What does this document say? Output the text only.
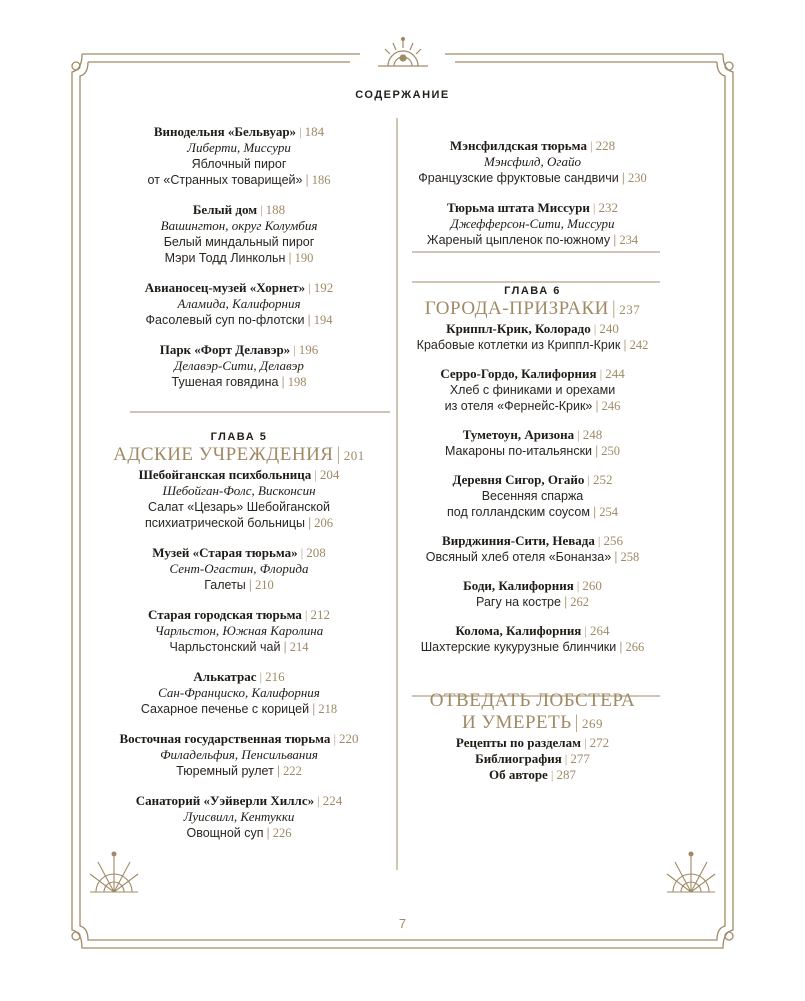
СОДЕРЖАНИЕ
Винодельня «Бельвуар» | 184
Либерти, Миссури
Яблочный пирог
от «Странных товарищей» | 186
Белый дом | 188
Вашингтон, округ Колумбия
Белый миндальный пирог
Мэри Тодд Линкольн | 190
Авианосец-музей «Хорнет» | 192
Аламида, Калифорния
Фасолевый суп по-флотски | 194
Парк «Форт Делавэр» | 196
Делавэр-Сити, Делавэр
Тушеная говядина | 198
ГЛАВА 5
АДСКИЕ УЧРЕЖДЕНИЯ | 201
Шебойганская психбольница | 204
Шебойган-Фолс, Висконсин
Салат «Цезарь» Шебойганской
психиатрической больницы | 206
Музей «Старая тюрьма» | 208
Сент-Огастин, Флорида
Галеты | 210
Старая городская тюрьма | 212
Чарльстон, Южная Каролина
Чарльстонский чай | 214
Алькатрас | 216
Сан-Франциско, Калифорния
Сахарное печенье с корицей | 218
Восточная государственная тюрьма | 220
Филадельфия, Пенсильвания
Тюремный рулет | 222
Санаторий «Уэйверли Хиллс» | 224
Луисвилл, Кентукки
Овощной суп | 226
Мэнсфилдская тюрьма | 228
Мэнсфилд, Огайо
Французские фруктовые сандвичи | 230
Тюрьма штата Миссури | 232
Джефферсон-Сити, Миссури
Жареный цыпленок по-южному | 234
ГЛАВА 6
ГОРОДА-ПРИЗРАКИ | 237
Криппл-Крик, Колорадо | 240
Крабовые котлетки из Криппл-Крик | 242
Серро-Гордо, Калифорния | 244
Хлеб с финиками и орехами
из отеля «Фернейс-Крик» | 246
Туметоун, Аризона | 248
Макароны по-итальянски | 250
Деревня Сигор, Огайо | 252
Весенняя спаржа
под голландским соусом | 254
Вирджиния-Сити, Невада | 256
Овсяный хлеб отеля «Бонанза» | 258
Боди, Калифорния | 260
Рагу на костре | 262
Колома, Калифорния | 264
Шахтерские кукурузные блинчики | 266
ОТВЕДАТЬ ЛОБСТЕРА
И УМЕРЕТЬ | 269
Рецепты по разделам | 272
Библиография | 277
Об авторе | 287
7
